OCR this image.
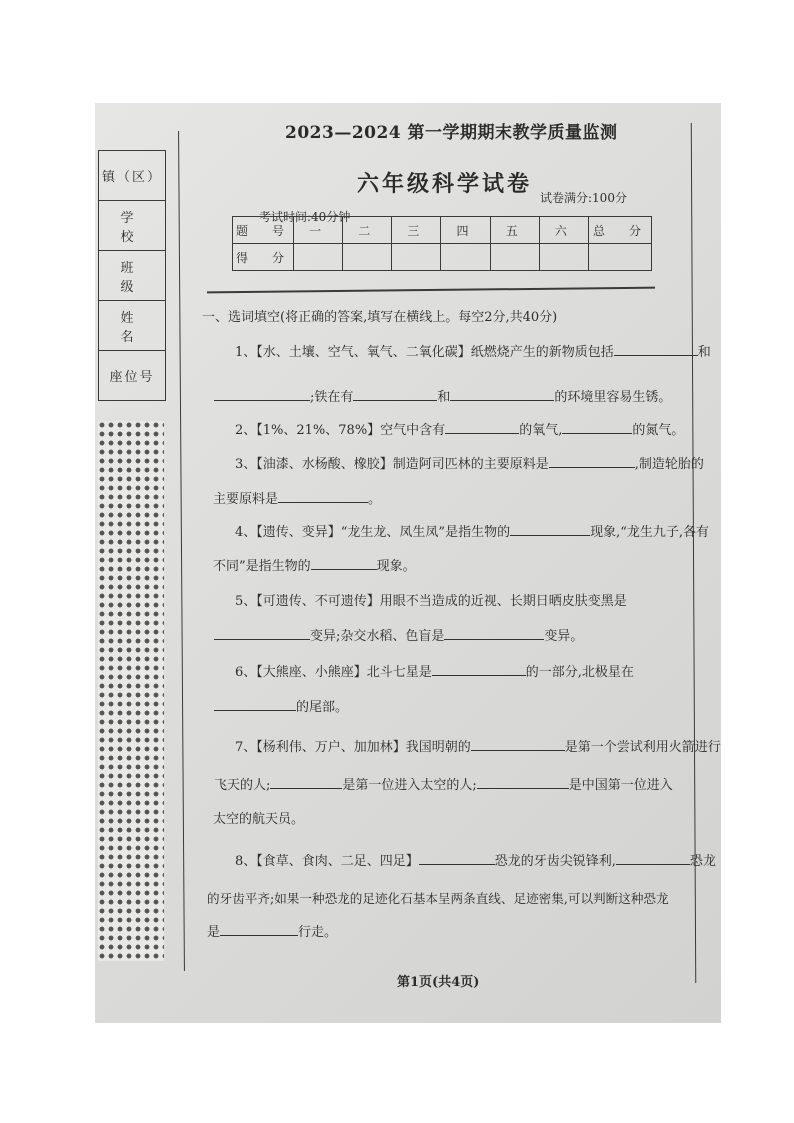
镇（区）
学　校
班　级
姓　名
座位号
2023—2024 第一学期期末教学质量监测
六年级科学试卷
试卷满分:100分
考试时间:40分钟
题　号	一	二	三	四	五	六	总　分
得　分							
一、选词填空(将正确的答案,填写在横线上。每空2分,共40分)
1、【水、土壤、空气、氧气、二氧化碳】纸燃烧产生的新物质包括	和
;铁在有	和	的环境里容易生锈。
2、【1%、21%、78%】空气中含有	的氧气,	的氮气。
3、【油漆、水杨酸、橡胶】制造阿司匹林的主要原料是	,制造轮胎的
主要原料是	。
4、【遗传、变异】“龙生龙、凤生凤”是指生物的	现象,“龙生九子,各有
不同”是指生物的	现象。
5、【可遗传、不可遗传】用眼不当造成的近视、长期日晒皮肤变黑是
变异;杂交水稻、色盲是	变异。
6、【大熊座、小熊座】北斗七星是	的一部分,北极星在
的尾部。
7、【杨利伟、万户、加加林】我国明朝的	是第一个尝试利用火箭进行
飞天的人;	是第一位进入太空的人;	是中国第一位进入
太空的航天员。
8、【食草、食肉、二足、四足】	恐龙的牙齿尖锐锋利,	恐龙
的牙齿平齐;如果一种恐龙的足迹化石基本呈两条直线、足迹密集,可以判断这种恐龙
是	行走。
第1页(共4页)
